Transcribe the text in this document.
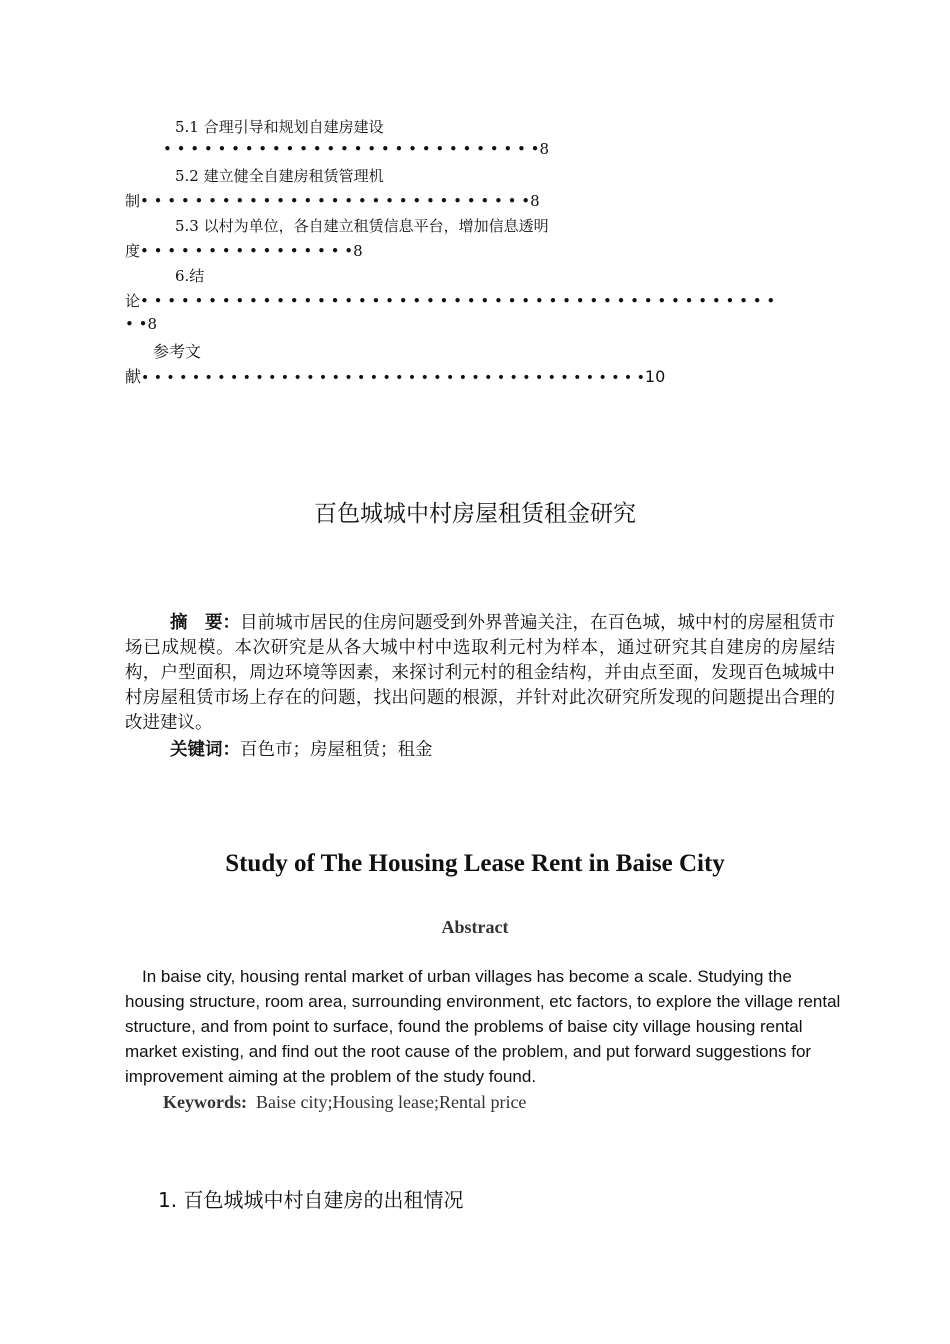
5.1 合理引导和规划自建房建设
• • • • • • • • • • • • • • • • • • • • • • • • • • • •8
5.2 建立健全自建房租赁管理机
制• • • • • • • • • • • • • • • • • • • • • • • • • • • • •8
5.3 以村为单位，各自建立租赁信息平台，增加信息透明
度• • • • • • • • • • • • • • • •8
6.结
论• • • • • • • • • • • • • • • • • • • • • • • • • • • • • • • • • • • • • • • • • • • • • • •
• •8
参考文
献• • • • • • • • • • • • • • • • • • • • • • • • • • • • • • • • • • • • • • • •10
百色城城中村房屋租赁租金研究
摘　要：目前城市居民的住房问题受到外界普遍关注，在百色城，城中村的房屋租赁市场已成规模。本次研究是从各大城中村中选取利元村为样本，通过研究其自建房的房屋结构，户型面积，周边环境等因素，来探讨利元村的租金结构，并由点至面，发现百色城城中村房屋租赁市场上存在的问题，找出问题的根源，并针对此次研究所发现的问题提出合理的改进建议。
关键词：百色市；房屋租赁；租金
Study of The Housing Lease Rent in Baise City
Abstract
In baise city, housing rental market of urban villages has become a scale. Studying the housing structure, room area, surrounding environment, etc factors, to explore the village rental structure, and from point to surface, found the problems of baise city village housing rental market existing, and find out the root cause of the problem, and put forward suggestions for improvement aiming at the problem of the study found.
Keywords: Baise city;Housing lease;Rental price
1. 百色城城中村自建房的出租情况
